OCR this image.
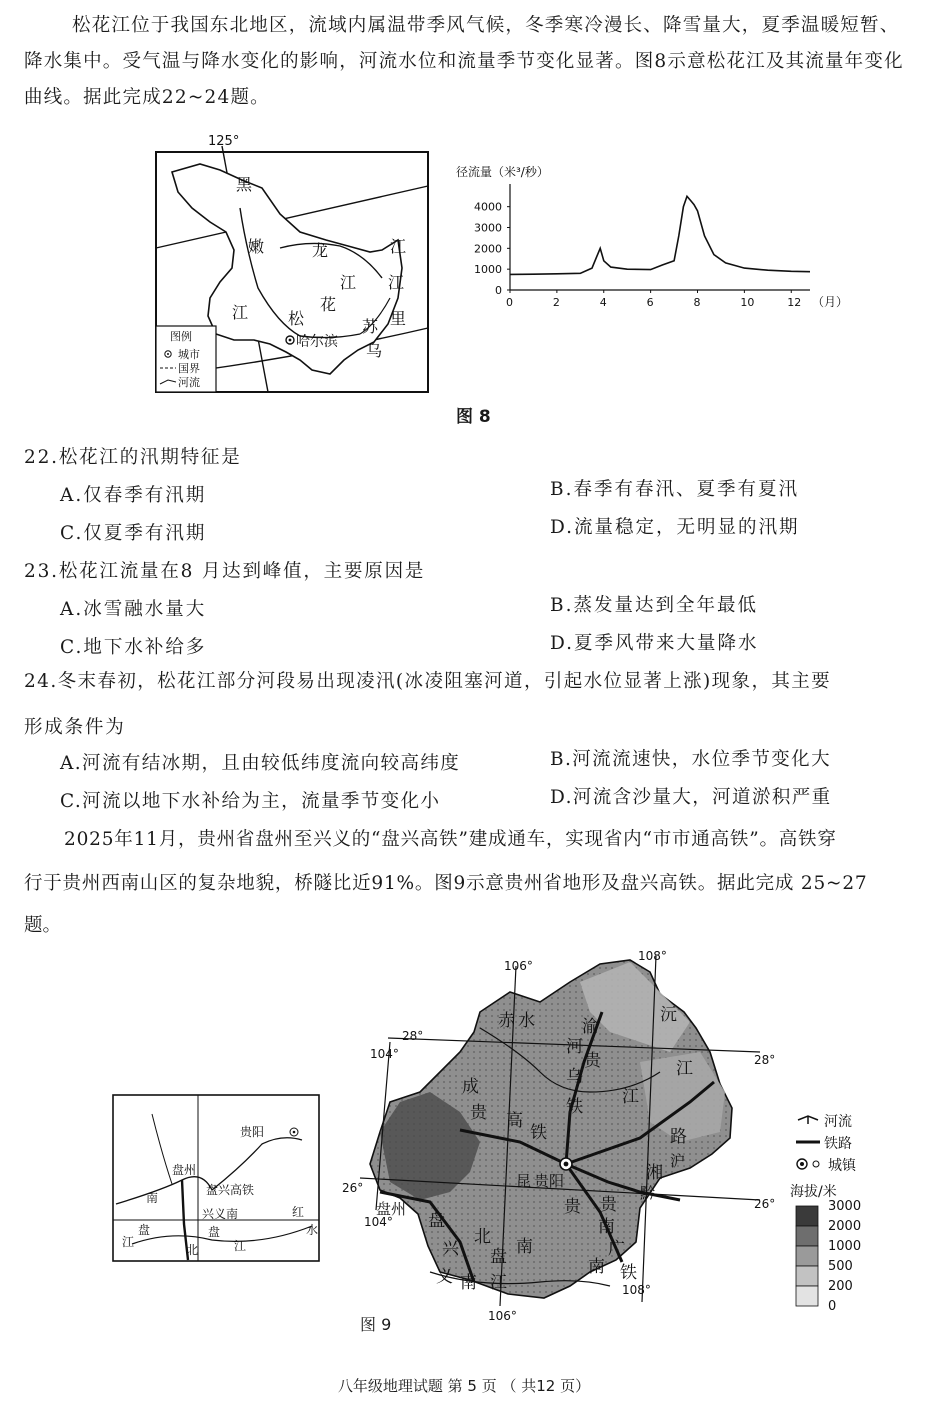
松花江位于我国东北地区，流域内属温带季风气候，冬季寒冷漫长、降雪量大，夏季温暖短暂、降水集中。受气温与降水变化的影响，河流水位和流量季节变化显著。图8示意松花江及其流量年变化曲线。据此完成22~24题。
125°
哈尔滨
黑
龙
江
江
江
嫩
花
松
江
苏 里
乌
图例
城市
国界
河流
径流量（米³/秒）
（月）
0	2	4	6	8	10	12
0
1000
2000
3000
4000
图 8
22.松花江的汛期特征是
A.仅春季有汛期	B.春季有春汛、夏季有夏汛
C.仅夏季有汛期	D.流量稳定，无明显的汛期
23.松花江流量在8 月达到峰值，主要原因是
A.冰雪融水量大	B.蒸发量达到全年最低
C.地下水补给多	D.夏季风带来大量降水
24.冬末春初，松花江部分河段易出现凌汛(冰凌阻塞河道，引起水位显著上涨)现象，其主要
形成条件为
A.河流有结冰期，且由较低纬度流向较高纬度	B.河流流速快，水位季节变化大
C.河流以地下水补给为主，流量季节变化小	D.河流含沙量大，河道淤积严重
2025年11月，贵州省盘州至兴义的“盘兴高铁”建成通车，实现省内“市市通高铁”。高铁穿
行于贵州西南山区的复杂地貌，桥隧比近91%。图9示意贵州省地形及盘兴高铁。据此完成 25~27
题。
贵阳
盘州
盘兴高铁
兴义南
南
盘
江
盘
江
北
红
水
104°
106°
108°
104°
106°
108°
28°
28°
26°
26°
成
贵 高
铁
渝
贵
铁
路
贵阳
昆
贵
南
广
铁
湘
黔
盘州
沪
盘
兴
义 南 江
北
乌
河
江
南
盘
赤 水	沅
江
贵
南
河流
铁路
城镇
海拔/米
3000
2000
1000
500
200
0
图 9
八年级地理试题 第 5 页 （ 共12 页）
